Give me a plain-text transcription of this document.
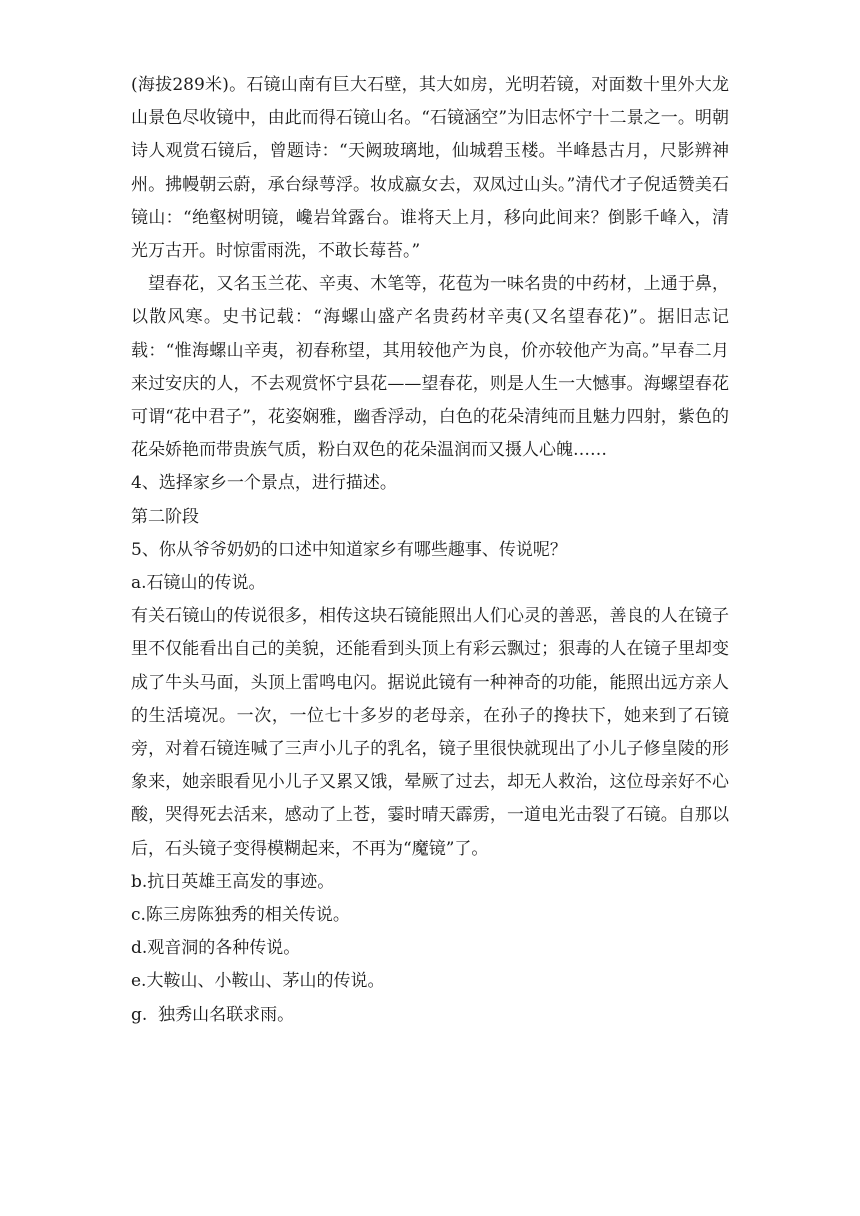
(海拔289米)。石镜山南有巨大石壁，其大如房，光明若镜，对面数十里外大龙山景色尽收镜中，由此而得石镜山名。“石镜涵空”为旧志怀宁十二景之一。明朝诗人观赏石镜后，曾题诗：“天阙玻璃地，仙城碧玉楼。半峰悬古月，尺影辨神州。拂幔朝云蔚，承台绿萼浮。妆成嬴女去，双凤过山头。”清代才子倪适赞美石镜山：“绝壑树明镜，巉岩耸露台。谁将天上月，移向此间来？倒影千峰入，清光万古开。时惊雷雨洗，不敢长莓苔。”

望春花，又名玉兰花、辛夷、木笔等，花苞为一味名贵的中药材，上通于鼻，以散风寒。史书记载：“海螺山盛产名贵药材辛夷(又名望春花)”。据旧志记载：“惟海螺山辛夷，初春称望，其用较他产为良，价亦较他产为高。”早春二月来过安庆的人，不去观赏怀宁县花——望春花，则是人生一大憾事。海螺望春花可谓“花中君子”，花姿娴雅，幽香浮动，白色的花朵清纯而且魅力四射，紫色的花朵娇艳而带贵族气质，粉白双色的花朵温润而又摄人心魄……

4、选择家乡一个景点，进行描述。

第二阶段

5、你从爷爷奶奶的口述中知道家乡有哪些趣事、传说呢？

a.石镜山的传说。

有关石镜山的传说很多，相传这块石镜能照出人们心灵的善恶，善良的人在镜子里不仅能看出自己的美貌，还能看到头顶上有彩云飘过；狠毒的人在镜子里却变成了牛头马面，头顶上雷鸣电闪。据说此镜有一种神奇的功能，能照出远方亲人的生活境况。一次，一位七十多岁的老母亲，在孙子的搀扶下，她来到了石镜旁，对着石镜连喊了三声小儿子的乳名，镜子里很快就现出了小儿子修皇陵的形象来，她亲眼看见小儿子又累又饿，晕厥了过去，却无人救治，这位母亲好不心酸，哭得死去活来，感动了上苍，霎时晴天霹雳，一道电光击裂了石镜。自那以后，石头镜子变得模糊起来，不再为“魔镜”了。

b.抗日英雄王高发的事迹。

c.陈三房陈独秀的相关传说。

d.观音洞的各种传说。

e.大鞍山、小鞍山、茅山的传说。

g.  独秀山名联求雨。
